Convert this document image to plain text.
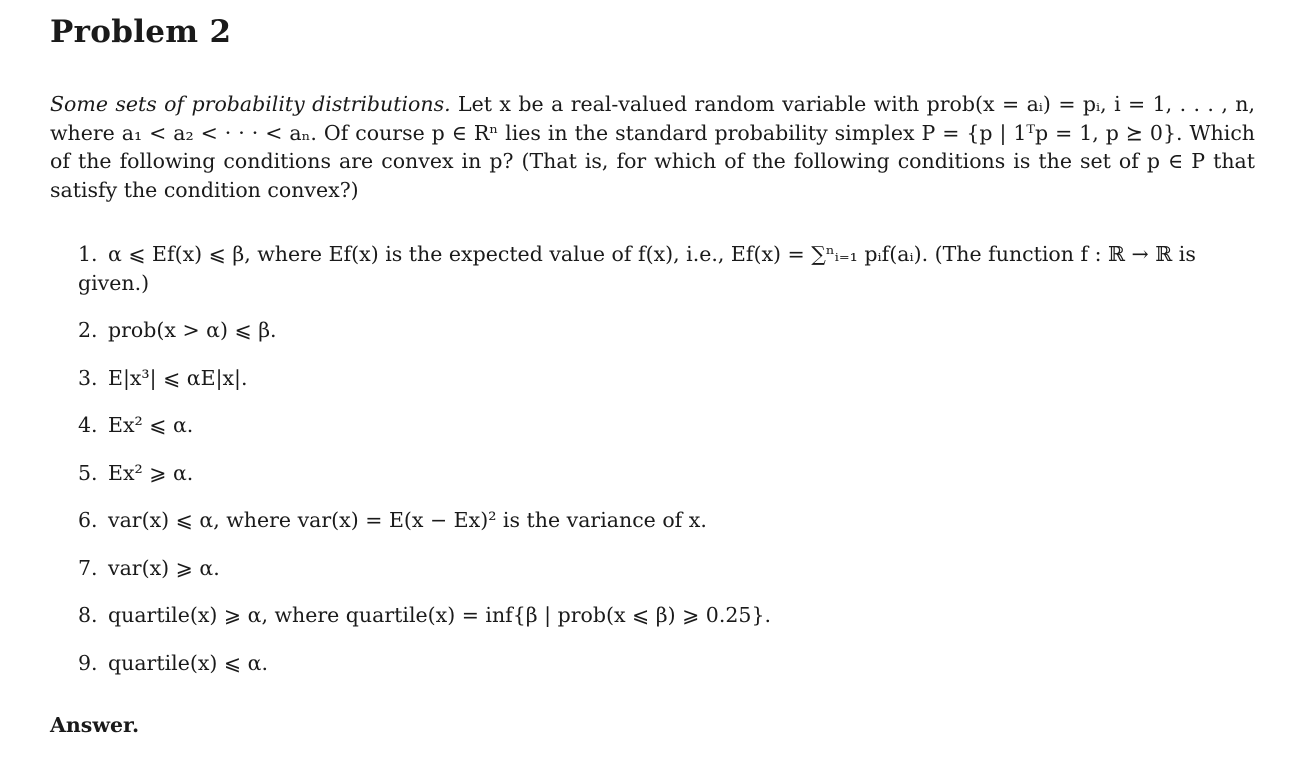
Problem 2

Some sets of probability distributions. Let x be a real-valued random variable with prob(x = aᵢ) = pᵢ, i = 1, . . . , n, where a₁ < a₂ < · · · < aₙ. Of course p ∈ Rⁿ lies in the standard probability simplex P = {p | 1ᵀp = 1, p ⪰ 0}. Which of the following conditions are convex in p? (That is, for which of the following conditions is the set of p ∈ P that satisfy the condition convex?)

1. α ⩽ Ef(x) ⩽ β, where Ef(x) is the expected value of f(x), i.e., Ef(x) = ∑ⁿᵢ₌₁ pᵢf(aᵢ). (The function f : ℝ → ℝ is given.)
2. prob(x > α) ⩽ β.
3. E|x³| ⩽ αE|x|.
4. Ex² ⩽ α.
5. Ex² ⩾ α.
6. var(x) ⩽ α, where var(x) = E(x − Ex)² is the variance of x.
7. var(x) ⩾ α.
8. quartile(x) ⩾ α, where quartile(x) = inf{β | prob(x ⩽ β) ⩾ 0.25}.
9. quartile(x) ⩽ α.
Answer.
